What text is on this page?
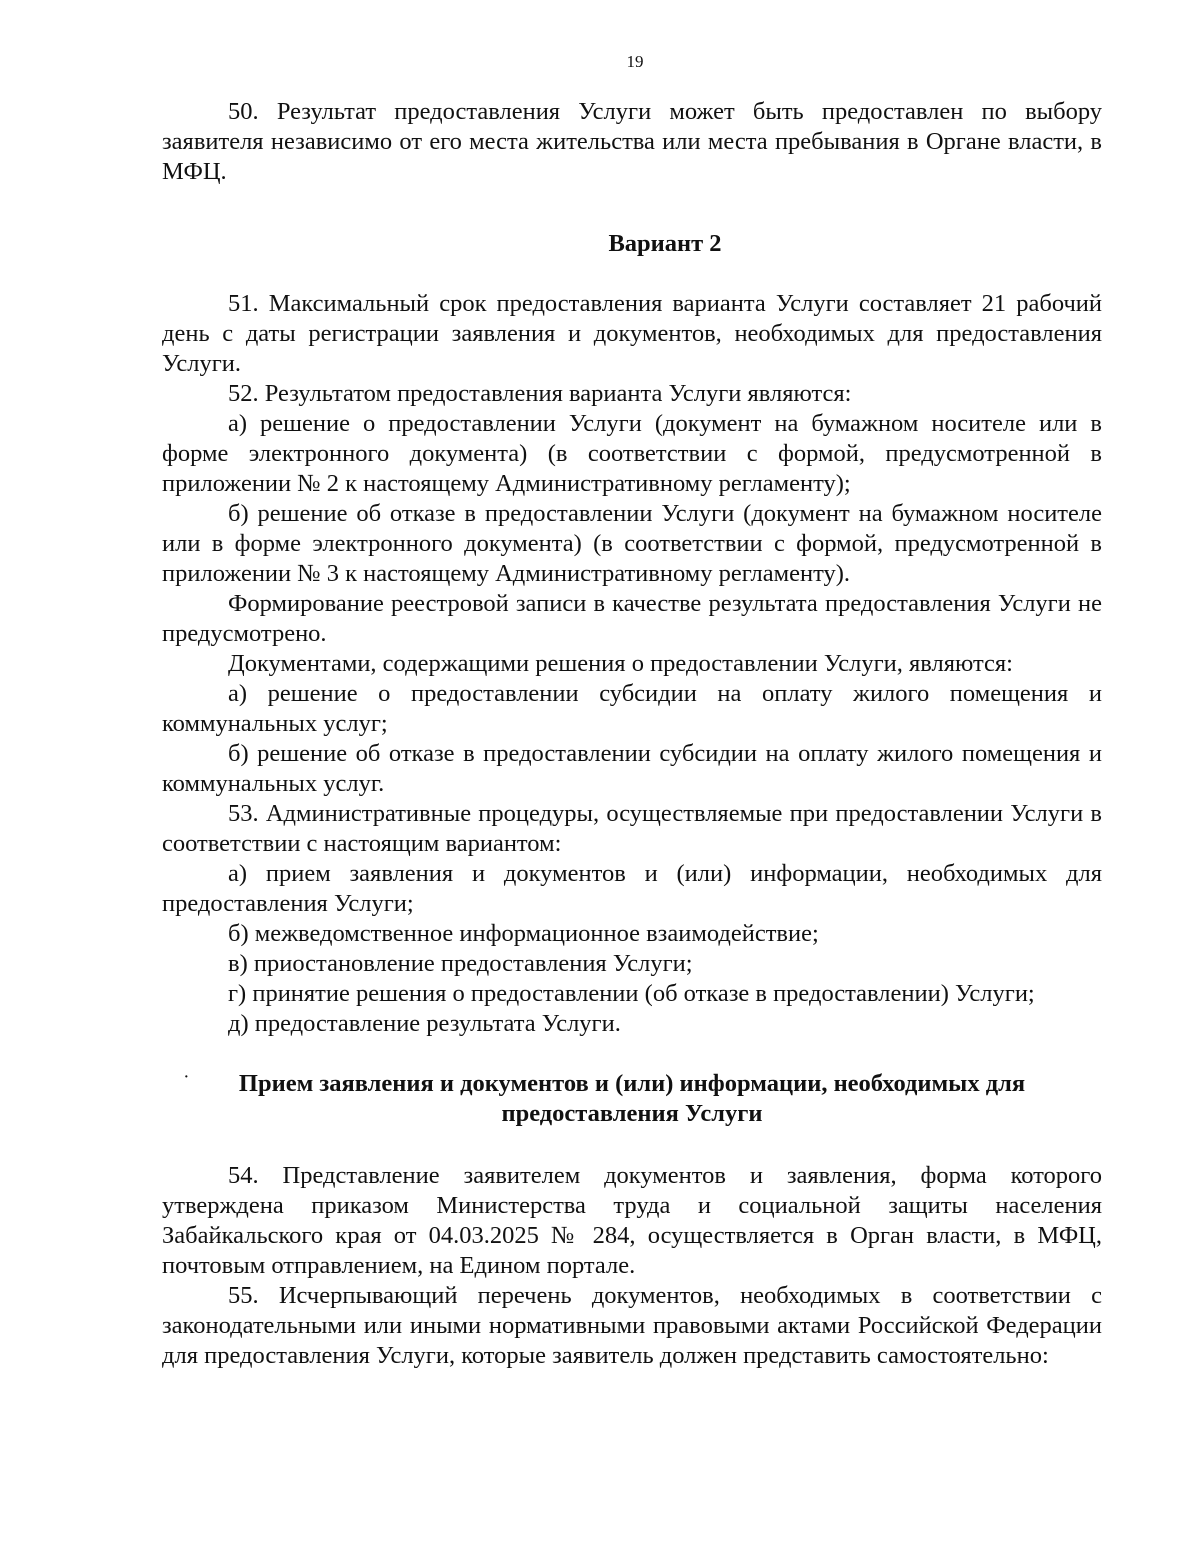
19

50. Результат предоставления Услуги может быть предоставлен по выбору заявителя независимо от его места жительства или места пребывания в Органе власти, в МФЦ.

Вариант 2

51. Максимальный срок предоставления варианта Услуги составляет 21 рабочий день с даты регистрации заявления и документов, необходимых для предоставления Услуги.

52. Результатом предоставления варианта Услуги являются:

а) решение о предоставлении Услуги (документ на бумажном носителе или в форме электронного документа) (в соответствии с формой, предусмотренной в приложении № 2 к настоящему Административному регламенту);

б) решение об отказе в предоставлении Услуги (документ на бумажном носителе или в форме электронного документа) (в соответствии с формой, предусмотренной в приложении № 3 к настоящему Административному регламенту).

Формирование реестровой записи в качестве результата предоставления Услуги не предусмотрено.

Документами, содержащими решения о предоставлении Услуги, являются:

а) решение о предоставлении субсидии на оплату жилого помещения и коммунальных услуг;

б) решение об отказе в предоставлении субсидии на оплату жилого помещения и коммунальных услуг.

53. Административные процедуры, осуществляемые при предоставлении Услуги в соответствии с настоящим вариантом:

а) прием заявления и документов и (или) информации, необходимых для предоставления Услуги;

б) межведомственное информационное взаимодействие;

в) приостановление предоставления Услуги;

г) принятие решения о предоставлении (об отказе в предоставлении) Услуги;

д) предоставление результата Услуги.

·	Прием заявления и документов и (или) информации, необходимых для
предоставления Услуги

54. Представление заявителем документов и заявления, форма которого утверждена приказом Министерства труда и социальной защиты населения Забайкальского края от 04.03.2025 № 284, осуществляется в Орган власти, в МФЦ, почтовым отправлением, на Едином портале.

55. Исчерпывающий перечень документов, необходимых в соответствии с законодательными или иными нормативными правовыми актами Российской Федерации для предоставления Услуги, которые заявитель должен представить самостоятельно:
